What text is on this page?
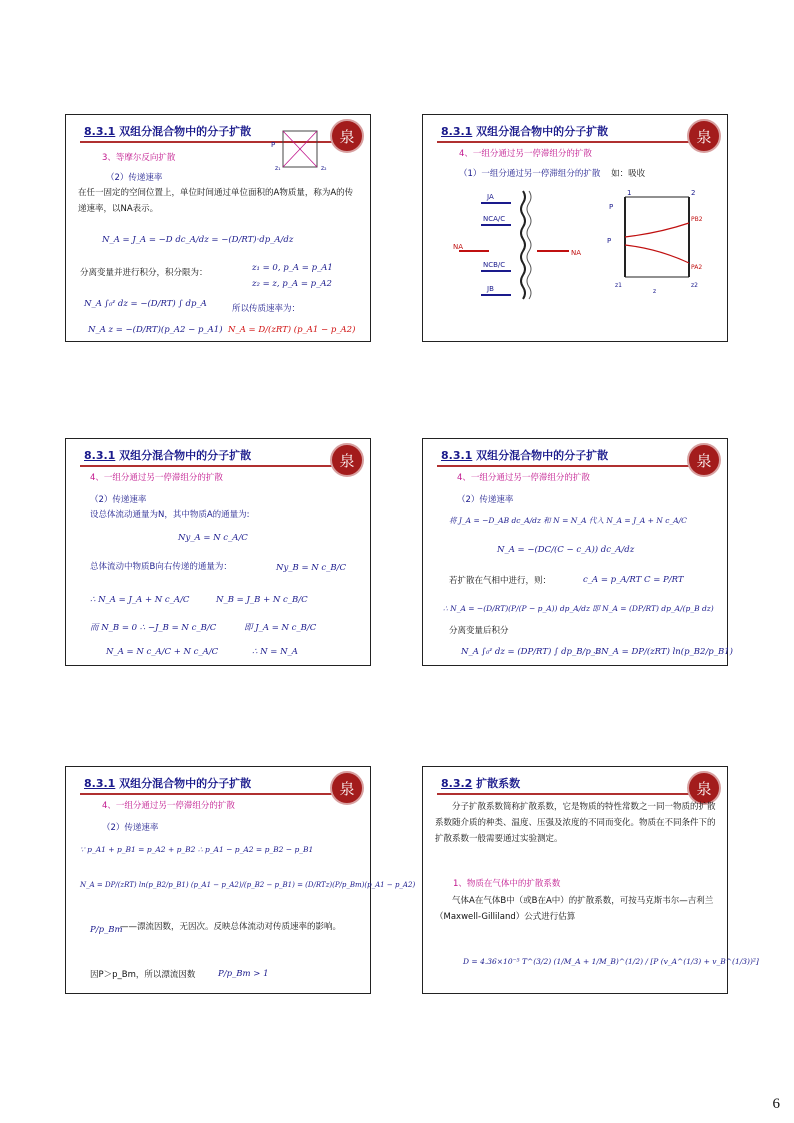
8.3.1 双组分混合物中的分子扩散	泉
P
z₂
z₁
3、等摩尔反向扩散
（2）传递速率
在任一固定的空间位置上，单位时间通过单位面积的A物质量，称为A的传递速率，以NA表示。
N_A = J_A = −D dc_A/dz = −(D/RT)·dp_A/dz
分离变量并进行积分，积分限为：	z₁ = 0, p_A = p_A1
z₂ = z, p_A = p_A2
N_A ∫₀ᶻ dz = −(D/RT) ∫ dp_A	所以传质速率为：
N_A z = −(D/RT)(p_A2 − p_A1) N_A = D/(zRT) (p_A1 − p_A2)
8.3.1 双组分混合物中的分子扩散	泉
4、一组分通过另一停滞组分的扩散
（1）一组分通过另一停滞组分的扩散 如：吸收
NA
JA
NCA/C
NCB/C
JB
NA
1	2
P
P
PB2
PA2
z1
z
z2
8.3.1 双组分混合物中的分子扩散	泉
4、一组分通过另一停滞组分的扩散
（2）传递速率
设总体流动通量为N，其中物质A的通量为:
Ny_A = N c_A/C
总体流动中物质B向右传递的通量为：	Ny_B = N c_B/C
∴ N_A = J_A + N c_A/C	N_B = J_B + N c_B/C
而 N_B = 0 ∴ −J_B = N c_B/C	即 J_A = N c_B/C
N_A = N c_A/C + N c_A/C	∴ N = N_A
8.3.1 双组分混合物中的分子扩散	泉
4、一组分通过另一停滞组分的扩散
（2）传递速率
将 J_A = −D_AB dc_A/dz 和 N = N_A 代入 N_A = J_A + N c_A/C
N_A = −(DC/(C − c_A)) dc_A/dz
若扩散在气相中进行，则：	c_A = p_A/RT C = P/RT
∴ N_A = −(D/RT)(P/(P − p_A)) dp_A/dz 即 N_A = (DP/RT) dp_A/(p_B dz)
分离变量后积分
N_A ∫₀ᶻ dz = (DP/RT) ∫ dp_B/p_B
∴ N_A = DP/(zRT) ln(p_B2/p_B1)
8.3.1 双组分混合物中的分子扩散	泉
4、一组分通过另一停滞组分的扩散
（2）传递速率
∵ p_A1 + p_B1 = p_A2 + p_B2 ∴ p_A1 − p_A2 = p_B2 − p_B1
N_A = DP/(zRT) ln(p_B2/p_B1) (p_A1 − p_A2)/(p_B2 − p_B1) = (D/RTz)(P/p_Bm)(p_A1 − p_A2)
P/p_Bm
——漂流因数，无因次。反映总体流动对传质速率的影响。
因P＞p_Bm，所以漂流因数	P/p_Bm > 1
8.3.2 扩散系数	泉
分子扩散系数简称扩散系数，它是物质的特性常数之一同一物质的扩散系数随介质的种类、温度、压强及浓度的不同而变化。物质在不同条件下的扩散系数一般需要通过实验测定。
1、物质在气体中的扩散系数
气体A在气体B中（或B在A中）的扩散系数，可按马克斯韦尔—吉利兰（Maxwell-Gilliland）公式进行估算
D = 4.36×10⁻⁵ T^(3/2) (1/M_A + 1/M_B)^(1/2) / [P (v_A^(1/3) + v_B^(1/3))²]
6
